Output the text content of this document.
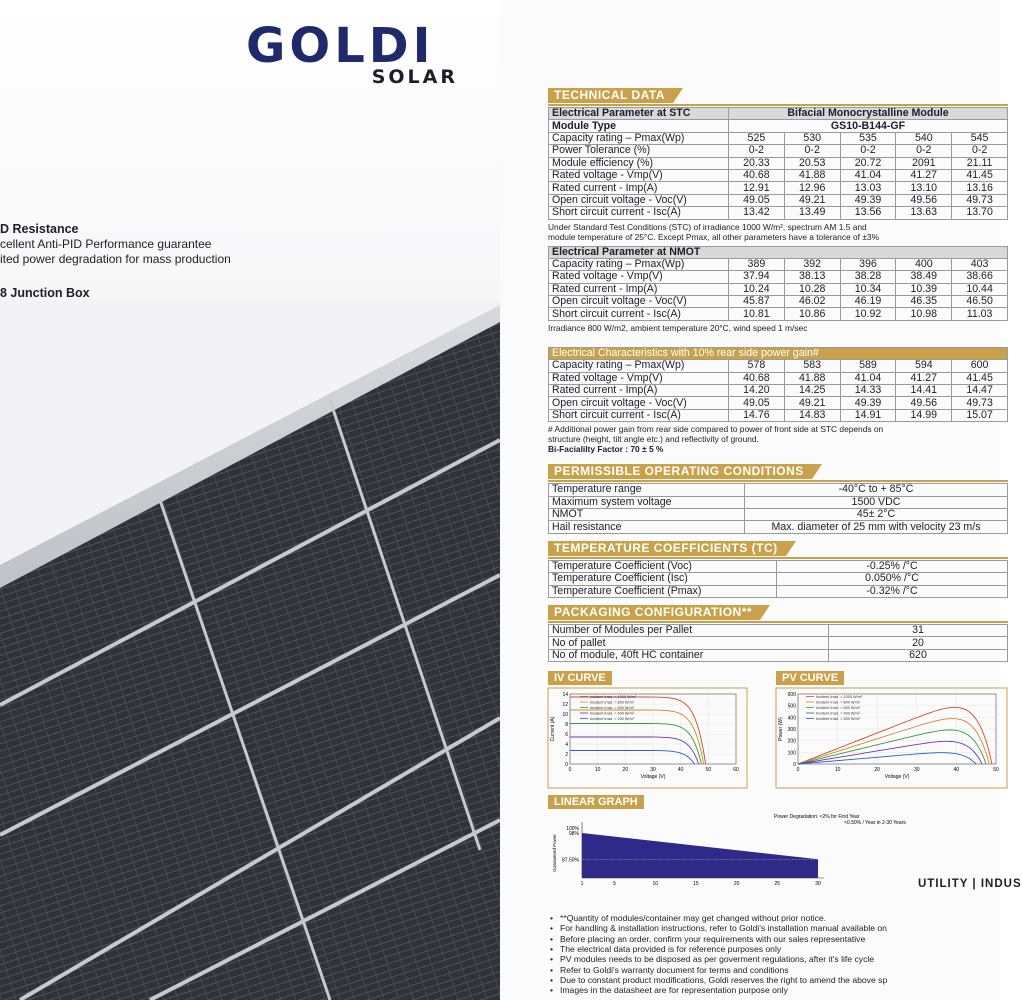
GOLDI
SOLAR
D Resistance
cellent Anti-PID Performance guarantee
ited power degradation for mass production
8 Junction Box
TECHNICAL DATA
Electrical Parameter at STC	Bifacial Monocrystalline Module				
Module Type	GS10-B144-GF				
Capacity rating – Pmax(Wp)	525	530	535	540	545
Power Tolerance (%)	0-2	0-2	0-2	0-2	0-2
Module efficiency (%)	20.33	20.53	20.72	2091	21.11
Rated voltage - Vmp(V)	40.68	41.88	41.04	41.27	41.45
Rated current - Imp(A)	12.91	12.96	13.03	13.10	13.16
Open circuit voltage - Voc(V)	49.05	49.21	49.39	49.56	49.73
Short circuit current - Isc(A)	13.42	13.49	13.56	13.63	13.70
Under Standard Test Conditions (STC) of irradiance 1000 W/m², spectrum AM 1.5 and
module temperature of 25°C. Except Pmax, all other parameters have a tolerance of ±3%
Electrical Parameter at NMOT					
Capacity rating – Pmax(Wp)	389	392	396	400	403
Rated voltage - Vmp(V)	37.94	38.13	38.28	38.49	38.66
Rated current - Imp(A)	10.24	10.28	10.34	10.39	10.44
Open circuit voltage - Voc(V)	45.87	46.02	46.19	46.35	46.50
Short circuit current - Isc(A)	10.81	10.86	10.92	10.98	11.03
Irradiance 800 W/m2, ambient temperature 20°C, wind speed 1 m/sec
Electrical Characteristics with 10% rear side power gain#					
Capacity rating – Pmax(Wp)	578	583	589	594	600
Rated voltage - Vmp(V)	40.68	41.88	41.04	41.27	41.45
Rated current - Imp(A)	14.20	14.25	14.33	14.41	14.47
Open circuit voltage - Voc(V)	49.05	49.21	49.39	49.56	49.73
Short circuit current - Isc(A)	14.76	14.83	14.91	14.99	15.07
# Additional power gain from rear side compared to power of front side at STC depends on
structure (height, tilt angle etc.) and reflectivity of ground.
Bi-Facialilty Factor : 70 ± 5 %
PERMISSIBLE OPERATING CONDITIONS
Temperature range	-40°C to + 85°C
Maximum system voltage	1500 VDC
NMOT	45± 2°C
Hail resistance	Max. diameter of 25 mm with velocity 23 m/s
TEMPERATURE COEFFICIENTS (TC)
Temperature Coefficient (Voc)	-0.25% /°C
Temperature Coefficient (Isc)	0.050% /°C
Temperature Coefficient (Pmax)	-0.32% /°C
PACKAGING CONFIGURATION**
Number of Modules per Pallet	31
No of pallet	20
No of module, 40ft HC container	620
IV CURVE
0
2
4
6
8
10
12
14
0	10	20	30	40	50	60
Voltage (V)
Current (A)
Incident Irrad. = 1000 W/m²
Incident Irrad. = 800 W/m²
Incident Irrad. = 600 W/m²
Incident Irrad. = 400 W/m²
Incident Irrad. = 200 W/m²
PV CURVE
0
100
200
300
400
500
600
0	10	20	30	40	50
Voltage (V)
Power (W)
Incident Irrad. = 1000 W/m²
Incident Irrad. = 800 W/m²
Incident Irrad. = 600 W/m²
Incident Irrad. = 400 W/m²
Incident Irrad. = 200 W/m²
LINEAR GRAPH
100%
98%
87.50%
1	5	10	15	20	25	30
Guaranteed Power
Power Degradation: <2% for First Year
<0.50% / Year in 2-30 Years
UTILITY | INDUS
• **Quantity of modules/container may get changed without prior notice.
• For handling & installation instructions, refer to Goldi's installation manual available on
• Before placing an order, confirm your requirements with our sales representative
• The electrical data provided is for reference purposes only
• PV modules needs to be disposed as per goverment regulations, after it's life cycle
• Refer to Goldi's warranty document for terms and conditions
• Due to constant product modifications, Goldi reserves the right to amend the above sp
• Images in the datasheet are for representation purpose only
